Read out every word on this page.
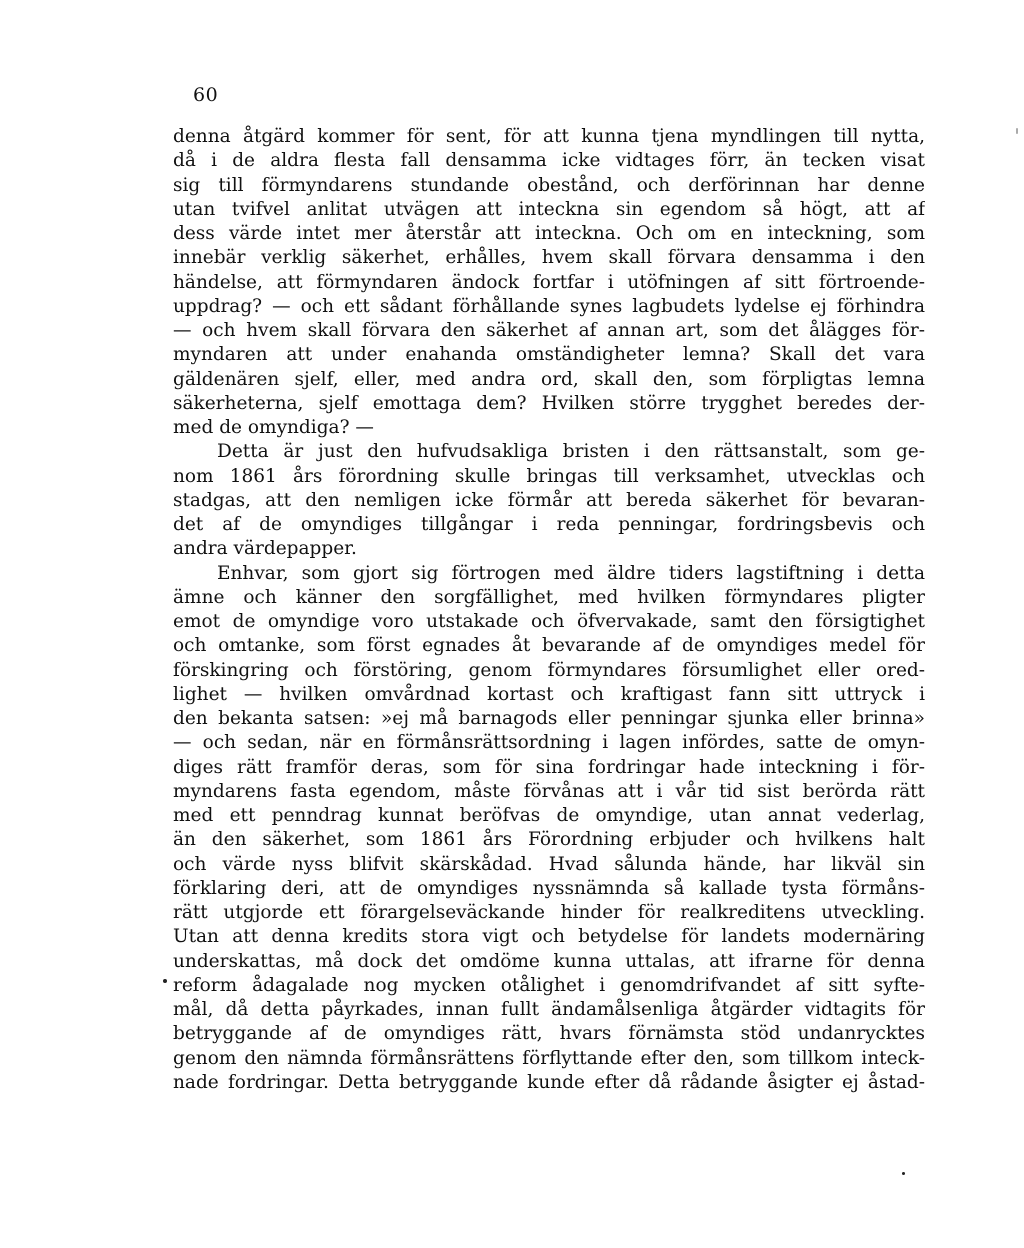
60
denna åtgärd kommer för sent, för att kunna tjena myndlingen till nytta,
då i de aldra flesta fall densamma icke vidtages förr, än tecken visat
sig till förmyndarens stundande obestånd, och derförinnan har denne
utan tvifvel anlitat utvägen att inteckna sin egendom så högt, att af
dess värde intet mer återstår att inteckna. Och om en inteckning, som
innebär verklig säkerhet, erhålles, hvem skall förvara densamma i den
händelse, att förmyndaren ändock fortfar i utöfningen af sitt förtroende-
uppdrag? — och ett sådant förhållande synes lagbudets lydelse ej förhindra
— och hvem skall förvara den säkerhet af annan art, som det ålägges för-
myndaren att under enahanda omständigheter lemna? Skall det vara
gäldenären sjelf, eller, med andra ord, skall den, som förpligtas lemna
säkerheterna, sjelf emottaga dem? Hvilken större trygghet beredes der-
med de omyndiga? —
Detta är just den hufvudsakliga bristen i den rättsanstalt, som ge-
nom 1861 års förordning skulle bringas till verksamhet, utvecklas och
stadgas, att den nemligen icke förmår att bereda säkerhet för bevaran-
det af de omyndiges tillgångar i reda penningar, fordringsbevis och
andra värdepapper.
Enhvar, som gjort sig förtrogen med äldre tiders lagstiftning i detta
ämne och känner den sorgfällighet, med hvilken förmyndares pligter
emot de omyndige voro utstakade och öfvervakade, samt den försigtighet
och omtanke, som först egnades åt bevarande af de omyndiges medel för
förskingring och förstöring, genom förmyndares försumlighet eller ored-
lighet — hvilken omvårdnad kortast och kraftigast fann sitt uttryck i
den bekanta satsen: »ej må barnagods eller penningar sjunka eller brinna»
— och sedan, när en förmånsrättsordning i lagen infördes, satte de omyn-
diges rätt framför deras, som för sina fordringar hade inteckning i för-
myndarens fasta egendom, måste förvånas att i vår tid sist berörda rätt
med ett penndrag kunnat beröfvas de omyndige, utan annat vederlag,
än den säkerhet, som 1861 års Förordning erbjuder och hvilkens halt
och värde nyss blifvit skärskådad. Hvad sålunda hände, har likväl sin
förklaring deri, att de omyndiges nyssnämnda så kallade tysta förmåns-
rätt utgjorde ett förargelseväckande hinder för realkreditens utveckling.
Utan att denna kredits stora vigt och betydelse för landets modernäring
underskattas, må dock det omdöme kunna uttalas, att ifrarne för denna
reform ådagalade nog mycken otålighet i genomdrifvandet af sitt syfte-
mål, då detta påyrkades, innan fullt ändamålsenliga åtgärder vidtagits för
betryggande af de omyndiges rätt, hvars förnämsta stöd undanrycktes
genom den nämnda förmånsrättens förflyttande efter den, som tillkom inteck-
nade fordringar. Detta betryggande kunde efter då rådande åsigter ej åstad-
